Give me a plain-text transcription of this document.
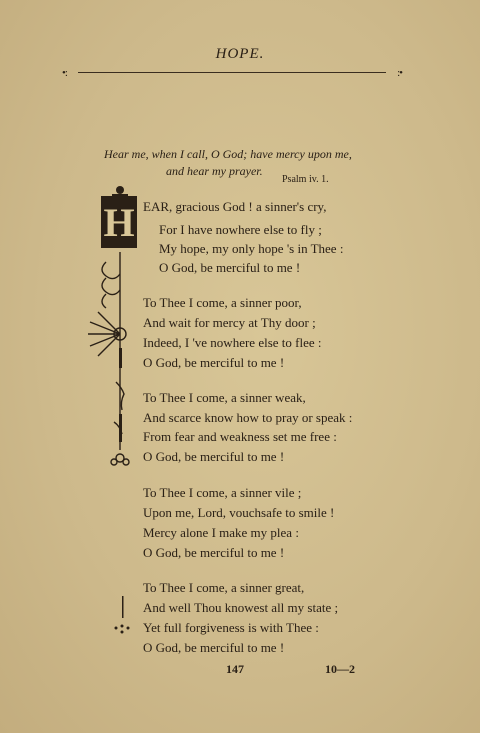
HOPE.
•:	:•
Hear me, when I call, O God; have mercy upon me,
and hear my prayer.
Psalm iv. 1.
H EAR, gracious God ! a sinner's cry,
For I have nowhere else to fly ;
My hope, my only hope 's in Thee :
O God, be merciful to me !
To Thee I come, a sinner poor,
And wait for mercy at Thy door ;
Indeed, I 've nowhere else to flee :
O God, be merciful to me !
To Thee I come, a sinner weak,
And scarce know how to pray or speak :
From fear and weakness set me free :
O God, be merciful to me !
To Thee I come, a sinner vile ;
Upon me, Lord, vouchsafe to smile !
Mercy alone I make my plea :
O God, be merciful to me !
To Thee I come, a sinner great,
And well Thou knowest all my state ;
Yet full forgiveness is with Thee :
O God, be merciful to me !
147	10—2
